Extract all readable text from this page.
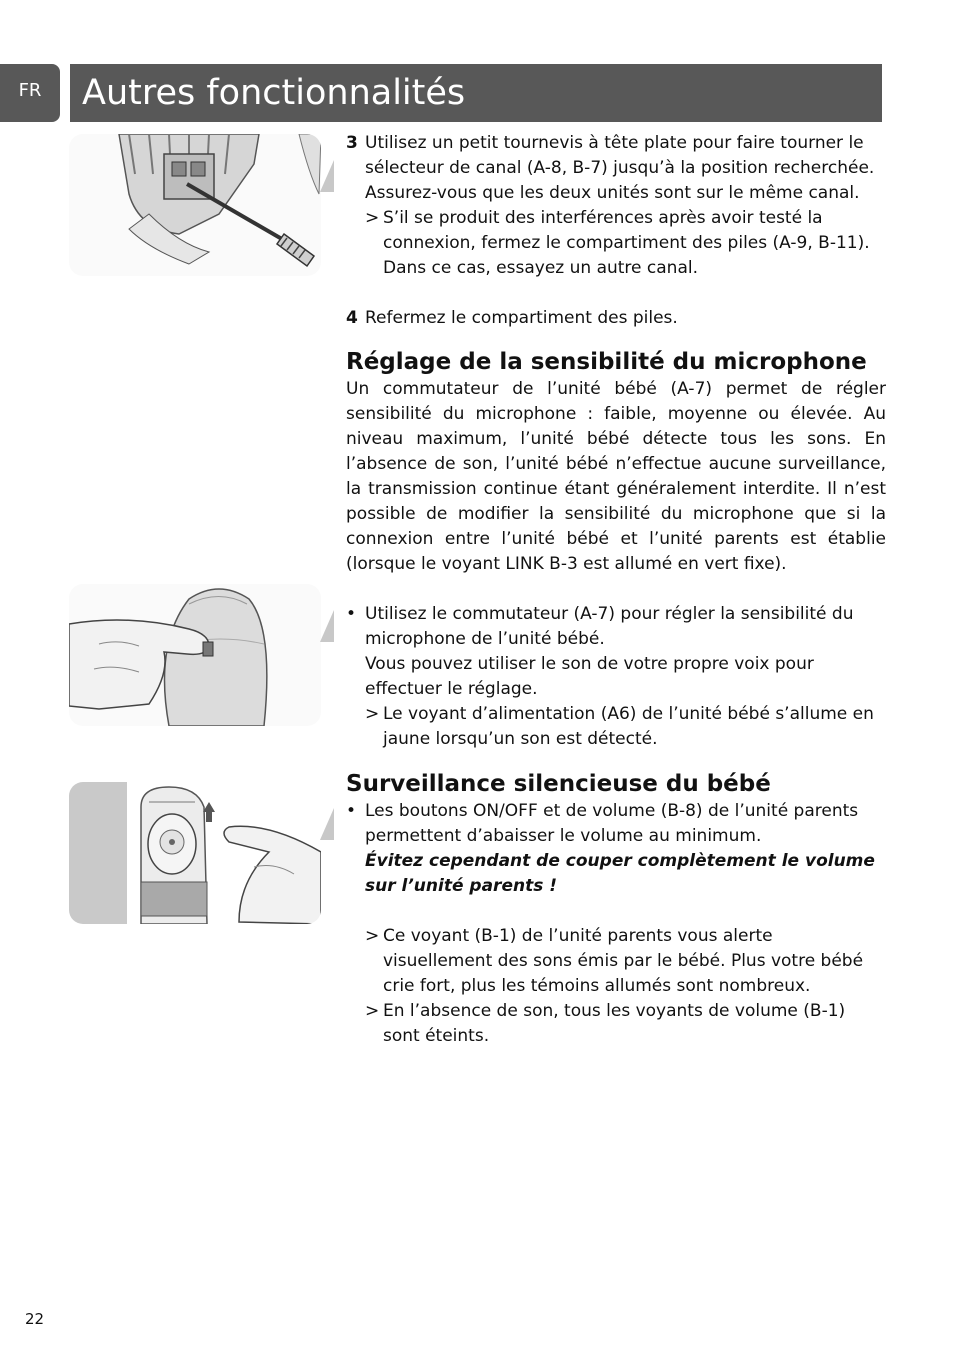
FR	Autres fonctionnalités
3 Utilisez un petit tournevis à tête plate pour faire tourner le sélecteur de canal (A-8, B-7) jusqu’à la position recherchée. Assurez-vous que les deux unités sont sur le même canal.
> S’il se produit des interférences après avoir testé la connexion, fermez le compartiment des piles (A-9, B-11). Dans ce cas, essayez un autre canal.
4 Refermez le compartiment des piles.
Réglage de la sensibilité du microphone

Un commutateur de l’unité bébé (A-7) permet de régler sensibilité du microphone : faible, moyenne ou élevée. Au niveau maximum, l’unité bébé détecte tous les sons. En l’absence de son, l’unité bébé n’effectue aucune surveillance, la transmission continue étant généralement interdite. Il n’est possible de modifier la sensibilité du microphone que si la connexion entre l’unité bébé et l’unité parents est établie (lorsque le voyant LINK B-3 est allumé en vert fixe).

• Utilisez le commutateur (A-7) pour régler la sensibilité du microphone de l’unité bébé.

Vous pouvez utiliser le son de votre propre voix pour effectuer le réglage.

> Le voyant d’alimentation (A6) de l’unité bébé s’allume en jaune lorsqu’un son est détecté.
Surveillance silencieuse du bébé
• Les boutons ON/OFF et de volume (B-8) de l’unité parents permettent d’abaisser le volume au minimum.

Évitez cependant de couper complètement le volume sur l’unité parents !

> Ce voyant (B-1) de l’unité parents vous alerte visuellement des sons émis par le bébé. Plus votre bébé crie fort, plus les témoins allumés sont nombreux.
> En l’absence de son, tous les voyants de volume (B-1) sont éteints.
22
